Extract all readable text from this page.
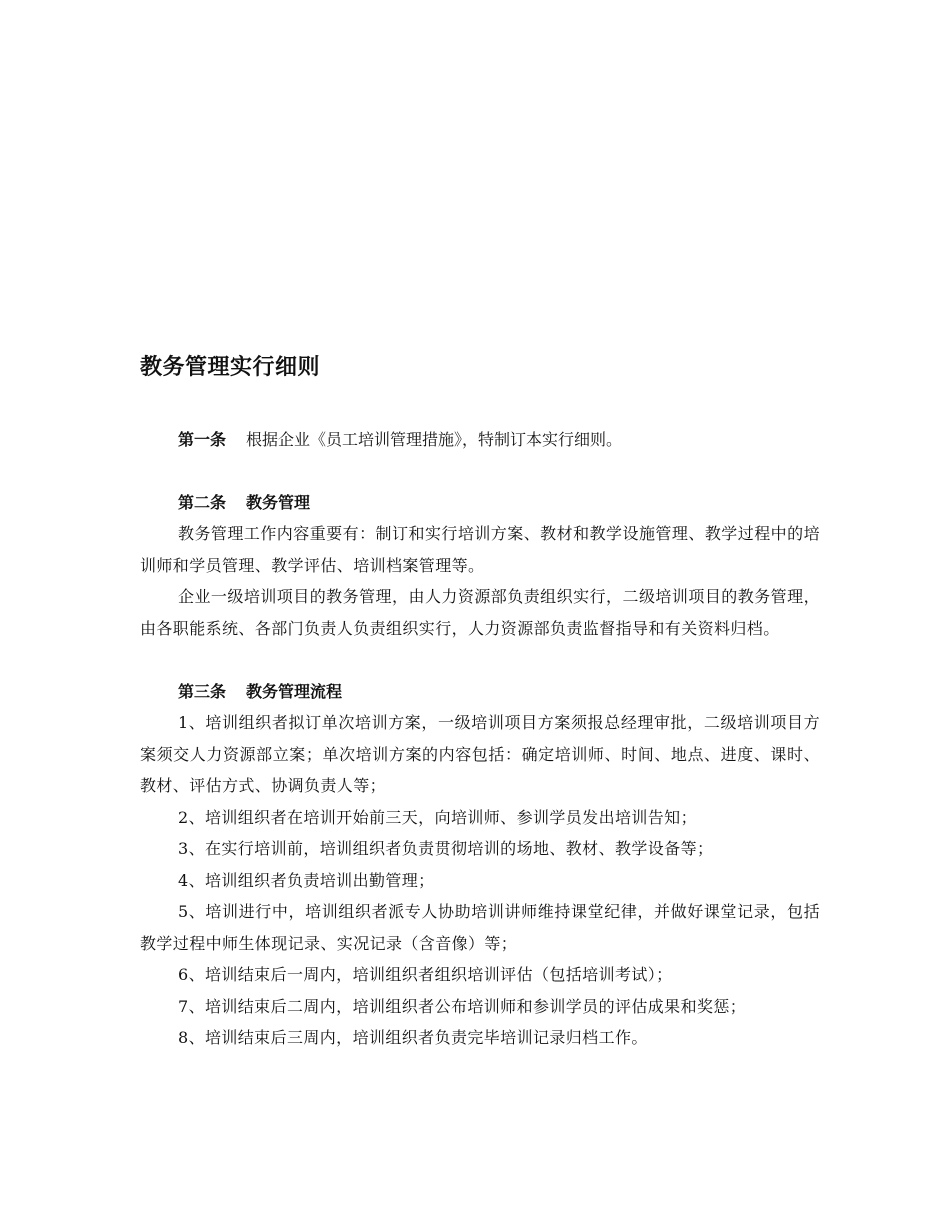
教务管理实行细则
第一条 根据企业《员工培训管理措施》，特制订本实行细则。
第二条 教务管理

教务管理工作内容重要有：制订和实行培训方案、教材和教学设施管理、教学过程中的培训师和学员管理、教学评估、培训档案管理等。

企业一级培训项目的教务管理，由人力资源部负责组织实行，二级培训项目的教务管理，由各职能系统、各部门负责人负责组织实行，人力资源部负责监督指导和有关资料归档。

第三条 教务管理流程

1、培训组织者拟订单次培训方案，一级培训项目方案须报总经理审批，二级培训项目方案须交人力资源部立案；单次培训方案的内容包括：确定培训师、时间、地点、进度、课时、教材、评估方式、协调负责人等；

2、培训组织者在培训开始前三天，向培训师、参训学员发出培训告知；

3、在实行培训前，培训组织者负责贯彻培训的场地、教材、教学设备等；

4、培训组织者负责培训出勤管理；

5、培训进行中，培训组织者派专人协助培训讲师维持课堂纪律，并做好课堂记录，包括教学过程中师生体现记录、实况记录（含音像）等；

6、培训结束后一周内，培训组织者组织培训评估（包括培训考试）；

7、培训结束后二周内，培训组织者公布培训师和参训学员的评估成果和奖惩；

8、培训结束后三周内，培训组织者负责完毕培训记录归档工作。
